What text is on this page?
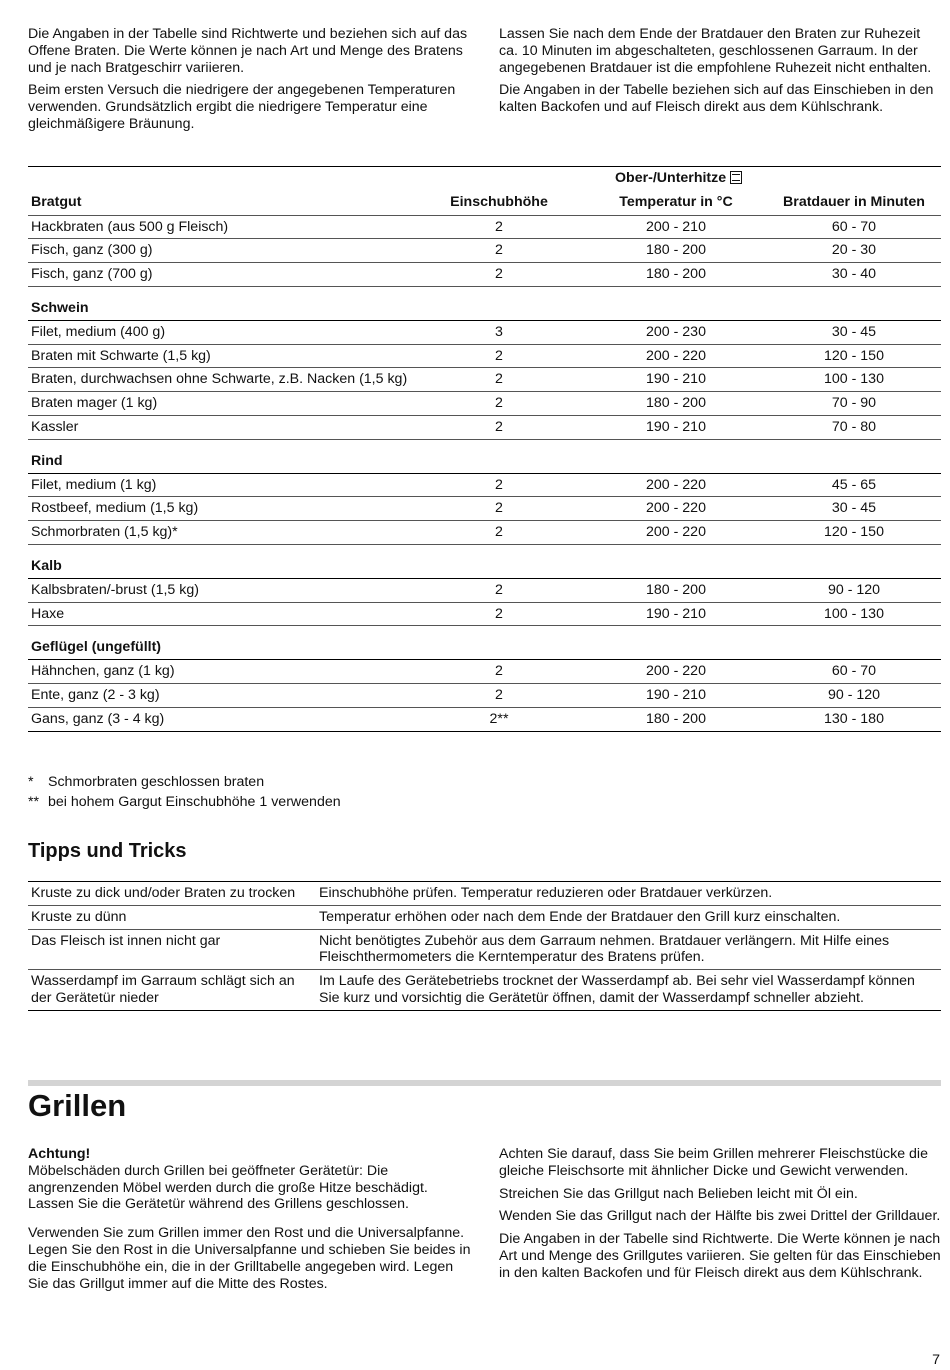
Die Angaben in der Tabelle sind Richtwerte und beziehen sich auf das Offene Braten. Die Werte können je nach Art und Menge des Bratens und je nach Bratgeschirr variieren.

Beim ersten Versuch die niedrigere der angegebenen Temperaturen verwenden. Grundsätzlich ergibt die niedrigere Temperatur eine gleichmäßigere Bräunung.

Lassen Sie nach dem Ende der Bratdauer den Braten zur Ruhezeit ca. 10 Minuten im abgeschalteten, geschlossenen Garraum. In der angegebenen Bratdauer ist die empfohlene Ruhezeit nicht enthalten.

Die Angaben in der Tabelle beziehen sich auf das Einschieben in den kalten Backofen und auf Fleisch direkt aus dem Kühlschrank.

		Ober-/Unterhitze	
Bratgut	Einschubhöhe	Temperatur in °C	Bratdauer in Minuten
Hackbraten (aus 500 g Fleisch)	2	200 - 210	60 - 70
Fisch, ganz (300 g)	2	180 - 200	20 - 30
Fisch, ganz (700 g)	2	180 - 200	30 - 40
Schwein			
Filet, medium (400 g)	3	200 - 230	30 - 45
Braten mit Schwarte (1,5 kg)	2	200 - 220	120 - 150
Braten, durchwachsen ohne Schwarte, z.B. Nacken (1,5 kg)	2	190 - 210	100 - 130
Braten mager (1 kg)	2	180 - 200	70 - 90
Kassler	2	190 - 210	70 - 80
Rind			
Filet, medium (1 kg)	2	200 - 220	45 - 65
Rostbeef, medium (1,5 kg)	2	200 - 220	30 - 45
Schmorbraten (1,5 kg)*	2	200 - 220	120 - 150
Kalb			
Kalbsbraten/-brust (1,5 kg)	2	180 - 200	90 - 120
Haxe	2	190 - 210	100 - 130
Geflügel (ungefüllt)			
Hähnchen, ganz (1 kg)	2	200 - 220	60 - 70
Ente, ganz (2 - 3 kg)	2	190 - 210	90 - 120
Gans, ganz (3 - 4 kg)	2**	180 - 200	130 - 180
* Schmorbraten geschlossen braten
** bei hohem Gargut Einschubhöhe 1 verwenden
Tipps und Tricks
Kruste zu dick und/oder Braten zu trocken	Einschubhöhe prüfen. Temperatur reduzieren oder Bratdauer verkürzen.
Kruste zu dünn	Temperatur erhöhen oder nach dem Ende der Bratdauer den Grill kurz einschalten.
Das Fleisch ist innen nicht gar	Nicht benötigtes Zubehör aus dem Garraum nehmen. Bratdauer verlängern. Mit Hilfe eines Fleischthermometers die Kerntemperatur des Bratens prüfen.
Wasserdampf im Garraum schlägt sich an der Gerätetür nieder	Im Laufe des Gerätebetriebs trocknet der Wasserdampf ab. Bei sehr viel Wasserdampf können Sie kurz und vorsichtig die Gerätetür öffnen, damit der Wasserdampf schneller abzieht.
Grillen
Achtung!

Möbelschäden durch Grillen bei geöffneter Gerätetür: Die angrenzenden Möbel werden durch die große Hitze beschädigt. Lassen Sie die Gerätetür während des Grillens geschlossen.

Verwenden Sie zum Grillen immer den Rost und die Universalpfanne. Legen Sie den Rost in die Universalpfanne und schieben Sie beides in die Einschubhöhe ein, die in der Grilltabelle angegeben wird. Legen Sie das Grillgut immer auf die Mitte des Rostes.

Achten Sie darauf, dass Sie beim Grillen mehrerer Fleischstücke die gleiche Fleischsorte mit ähnlicher Dicke und Gewicht verwenden.

Streichen Sie das Grillgut nach Belieben leicht mit Öl ein.

Wenden Sie das Grillgut nach der Hälfte bis zwei Drittel der Grilldauer.

Die Angaben in der Tabelle sind Richtwerte. Die Werte können je nach Art und Menge des Grillgutes variieren. Sie gelten für das Einschieben in den kalten Backofen und für Fleisch direkt aus dem Kühlschrank.

7
